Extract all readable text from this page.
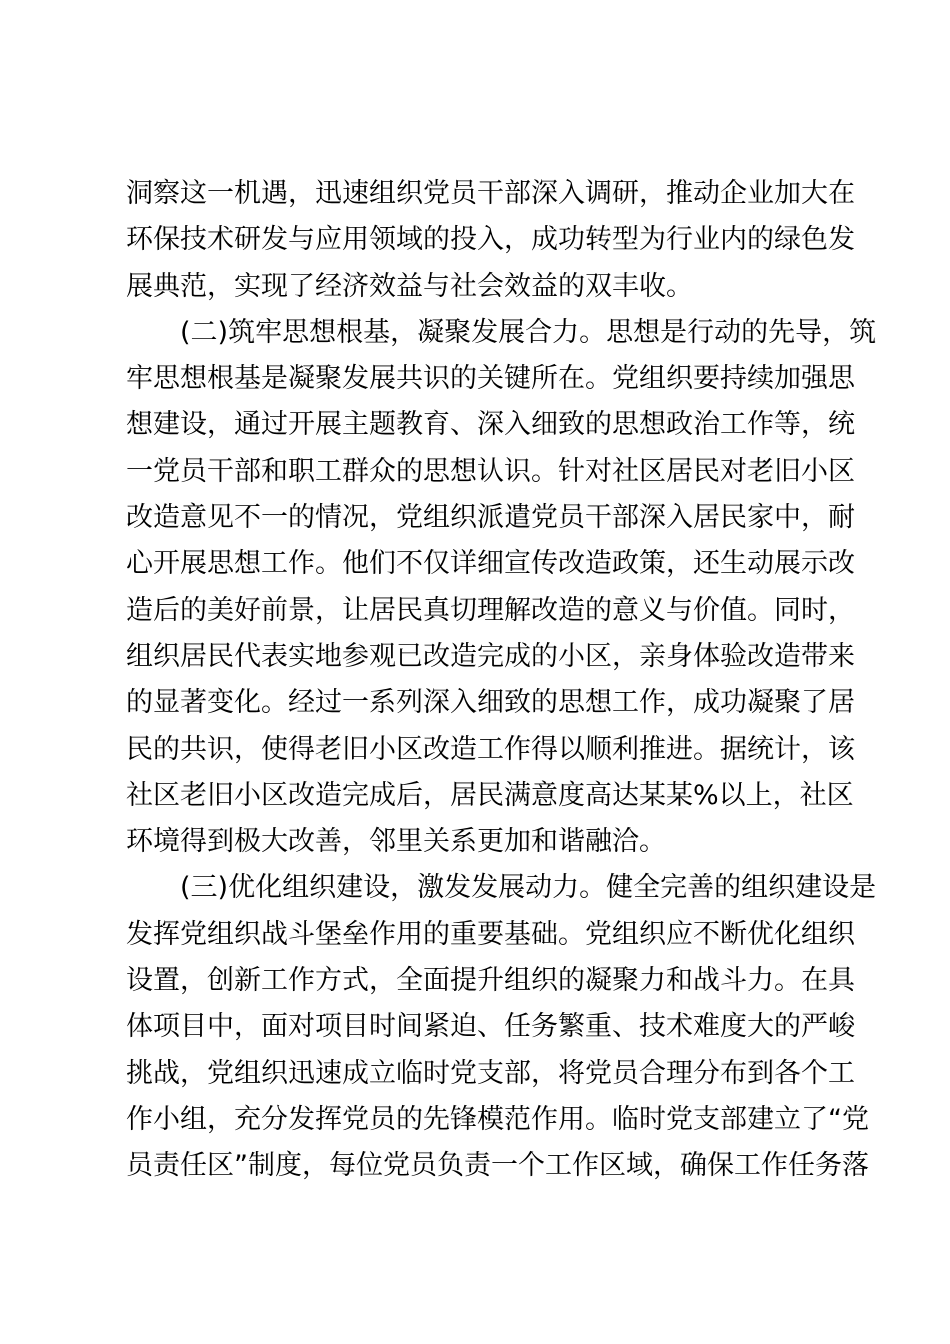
洞察这一机遇，迅速组织党员干部深入调研，推动企业加大在
环保技术研发与应用领域的投入，成功转型为行业内的绿色发
展典范，实现了经济效益与社会效益的双丰收。
(二)筑牢思想根基，凝聚发展合力。思想是行动的先导，筑
牢思想根基是凝聚发展共识的关键所在。党组织要持续加强思
想建设，通过开展主题教育、深入细致的思想政治工作等，统
一党员干部和职工群众的思想认识。针对社区居民对老旧小区
改造意见不一的情况，党组织派遣党员干部深入居民家中，耐
心开展思想工作。他们不仅详细宣传改造政策，还生动展示改
造后的美好前景，让居民真切理解改造的意义与价值。同时，
组织居民代表实地参观已改造完成的小区，亲身体验改造带来
的显著变化。经过一系列深入细致的思想工作，成功凝聚了居
民的共识，使得老旧小区改造工作得以顺利推进。据统计，该
社区老旧小区改造完成后，居民满意度高达某某%以上，社区
环境得到极大改善，邻里关系更加和谐融洽。
(三)优化组织建设，激发发展动力。健全完善的组织建设是
发挥党组织战斗堡垒作用的重要基础。党组织应不断优化组织
设置，创新工作方式，全面提升组织的凝聚力和战斗力。在具
体项目中，面对项目时间紧迫、任务繁重、技术难度大的严峻
挑战，党组织迅速成立临时党支部，将党员合理分布到各个工
作小组，充分发挥党员的先锋模范作用。临时党支部建立了“党
员责任区”制度，每位党员负责一个工作区域，确保工作任务落
